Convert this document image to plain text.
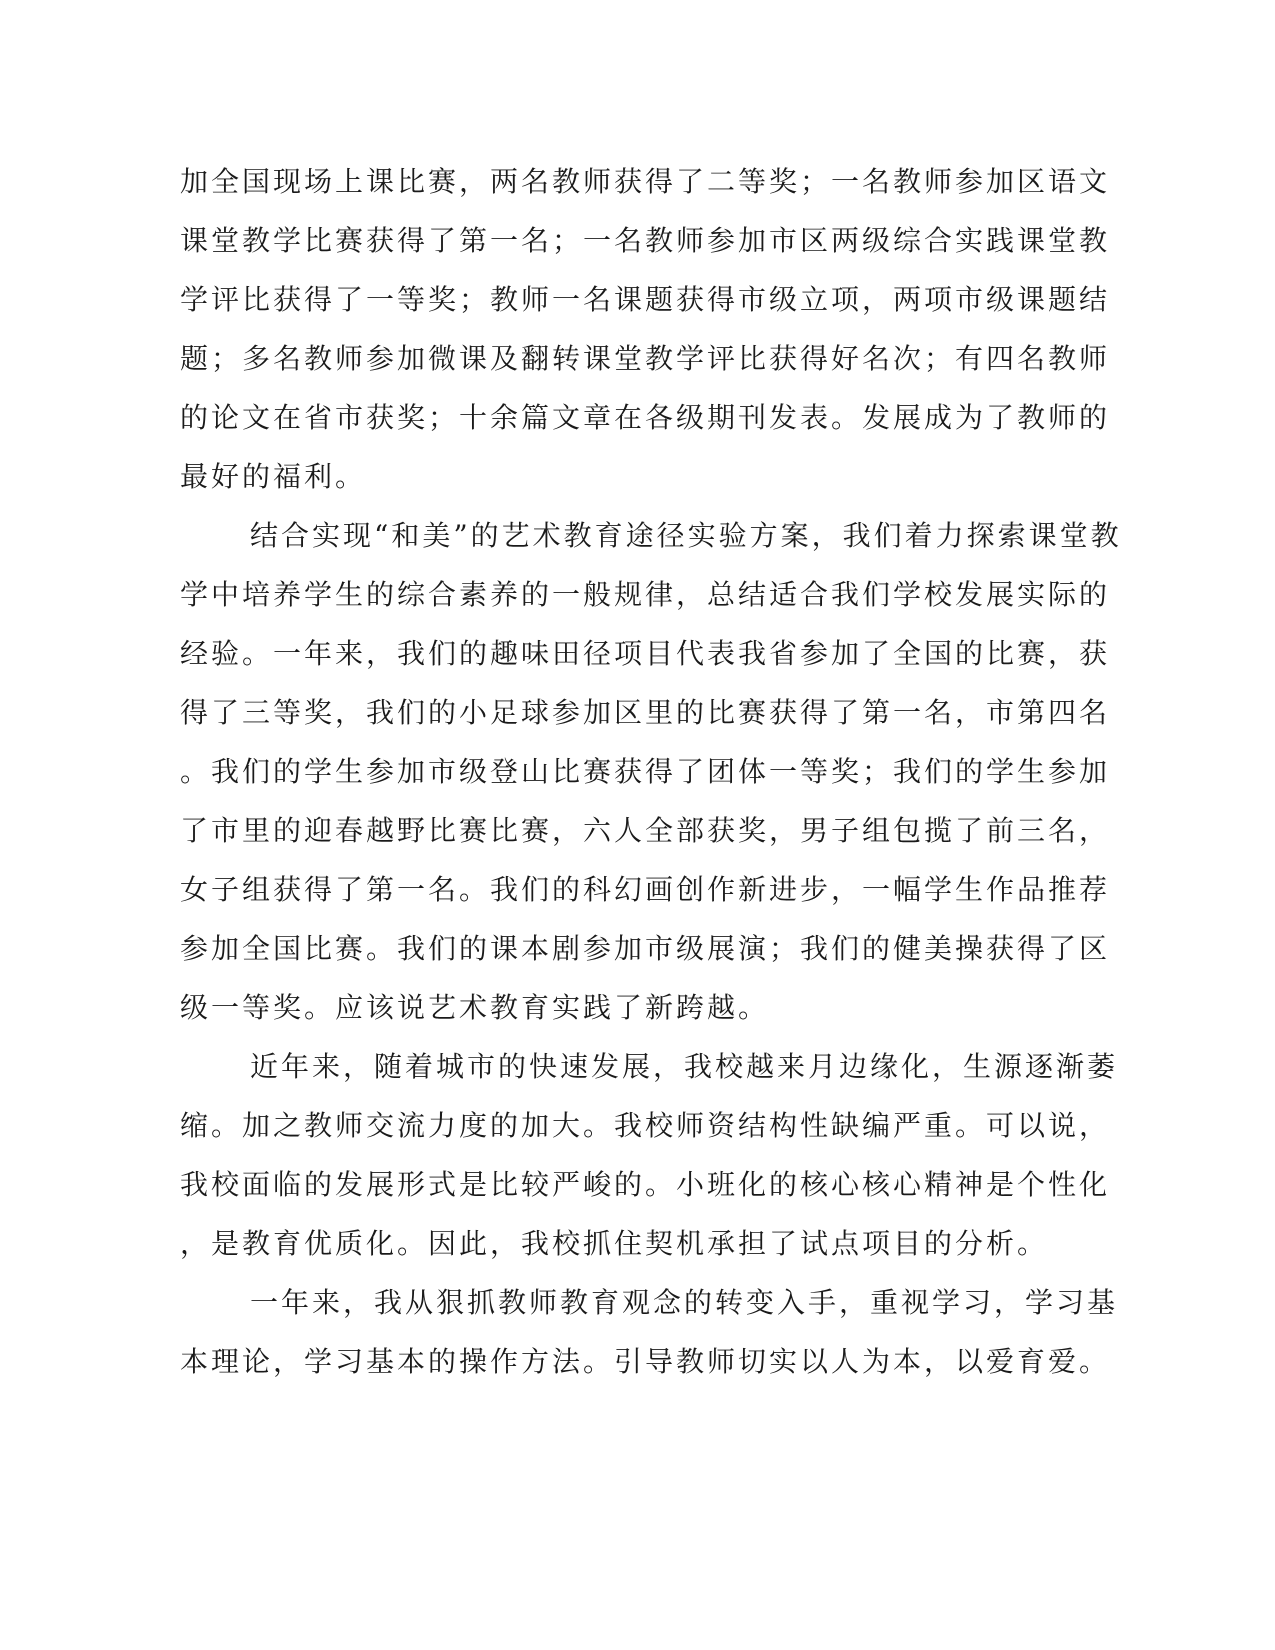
加全国现场上课比赛，两名教师获得了二等奖；一名教师参加区语文
课堂教学比赛获得了第一名；一名教师参加市区两级综合实践课堂教
学评比获得了一等奖；教师一名课题获得市级立项，两项市级课题结
题；多名教师参加微课及翻转课堂教学评比获得好名次；有四名教师
的论文在省市获奖；十余篇文章在各级期刊发表。发展成为了教师的
最好的福利。
结合实现“和美”的艺术教育途径实验方案，我们着力探索课堂教
学中培养学生的综合素养的一般规律，总结适合我们学校发展实际的
经验。一年来，我们的趣味田径项目代表我省参加了全国的比赛，获
得了三等奖，我们的小足球参加区里的比赛获得了第一名，市第四名
。我们的学生参加市级登山比赛获得了团体一等奖；我们的学生参加
了市里的迎春越野比赛比赛，六人全部获奖，男子组包揽了前三名，
女子组获得了第一名。我们的科幻画创作新进步，一幅学生作品推荐
参加全国比赛。我们的课本剧参加市级展演；我们的健美操获得了区
级一等奖。应该说艺术教育实践了新跨越。
近年来，随着城市的快速发展，我校越来月边缘化，生源逐渐萎
缩。加之教师交流力度的加大。我校师资结构性缺编严重。可以说，
我校面临的发展形式是比较严峻的。小班化的核心核心精神是个性化
，是教育优质化。因此，我校抓住契机承担了试点项目的分析。
一年来，我从狠抓教师教育观念的转变入手，重视学习，学习基
本理论，学习基本的操作方法。引导教师切实以人为本，以爱育爱。
